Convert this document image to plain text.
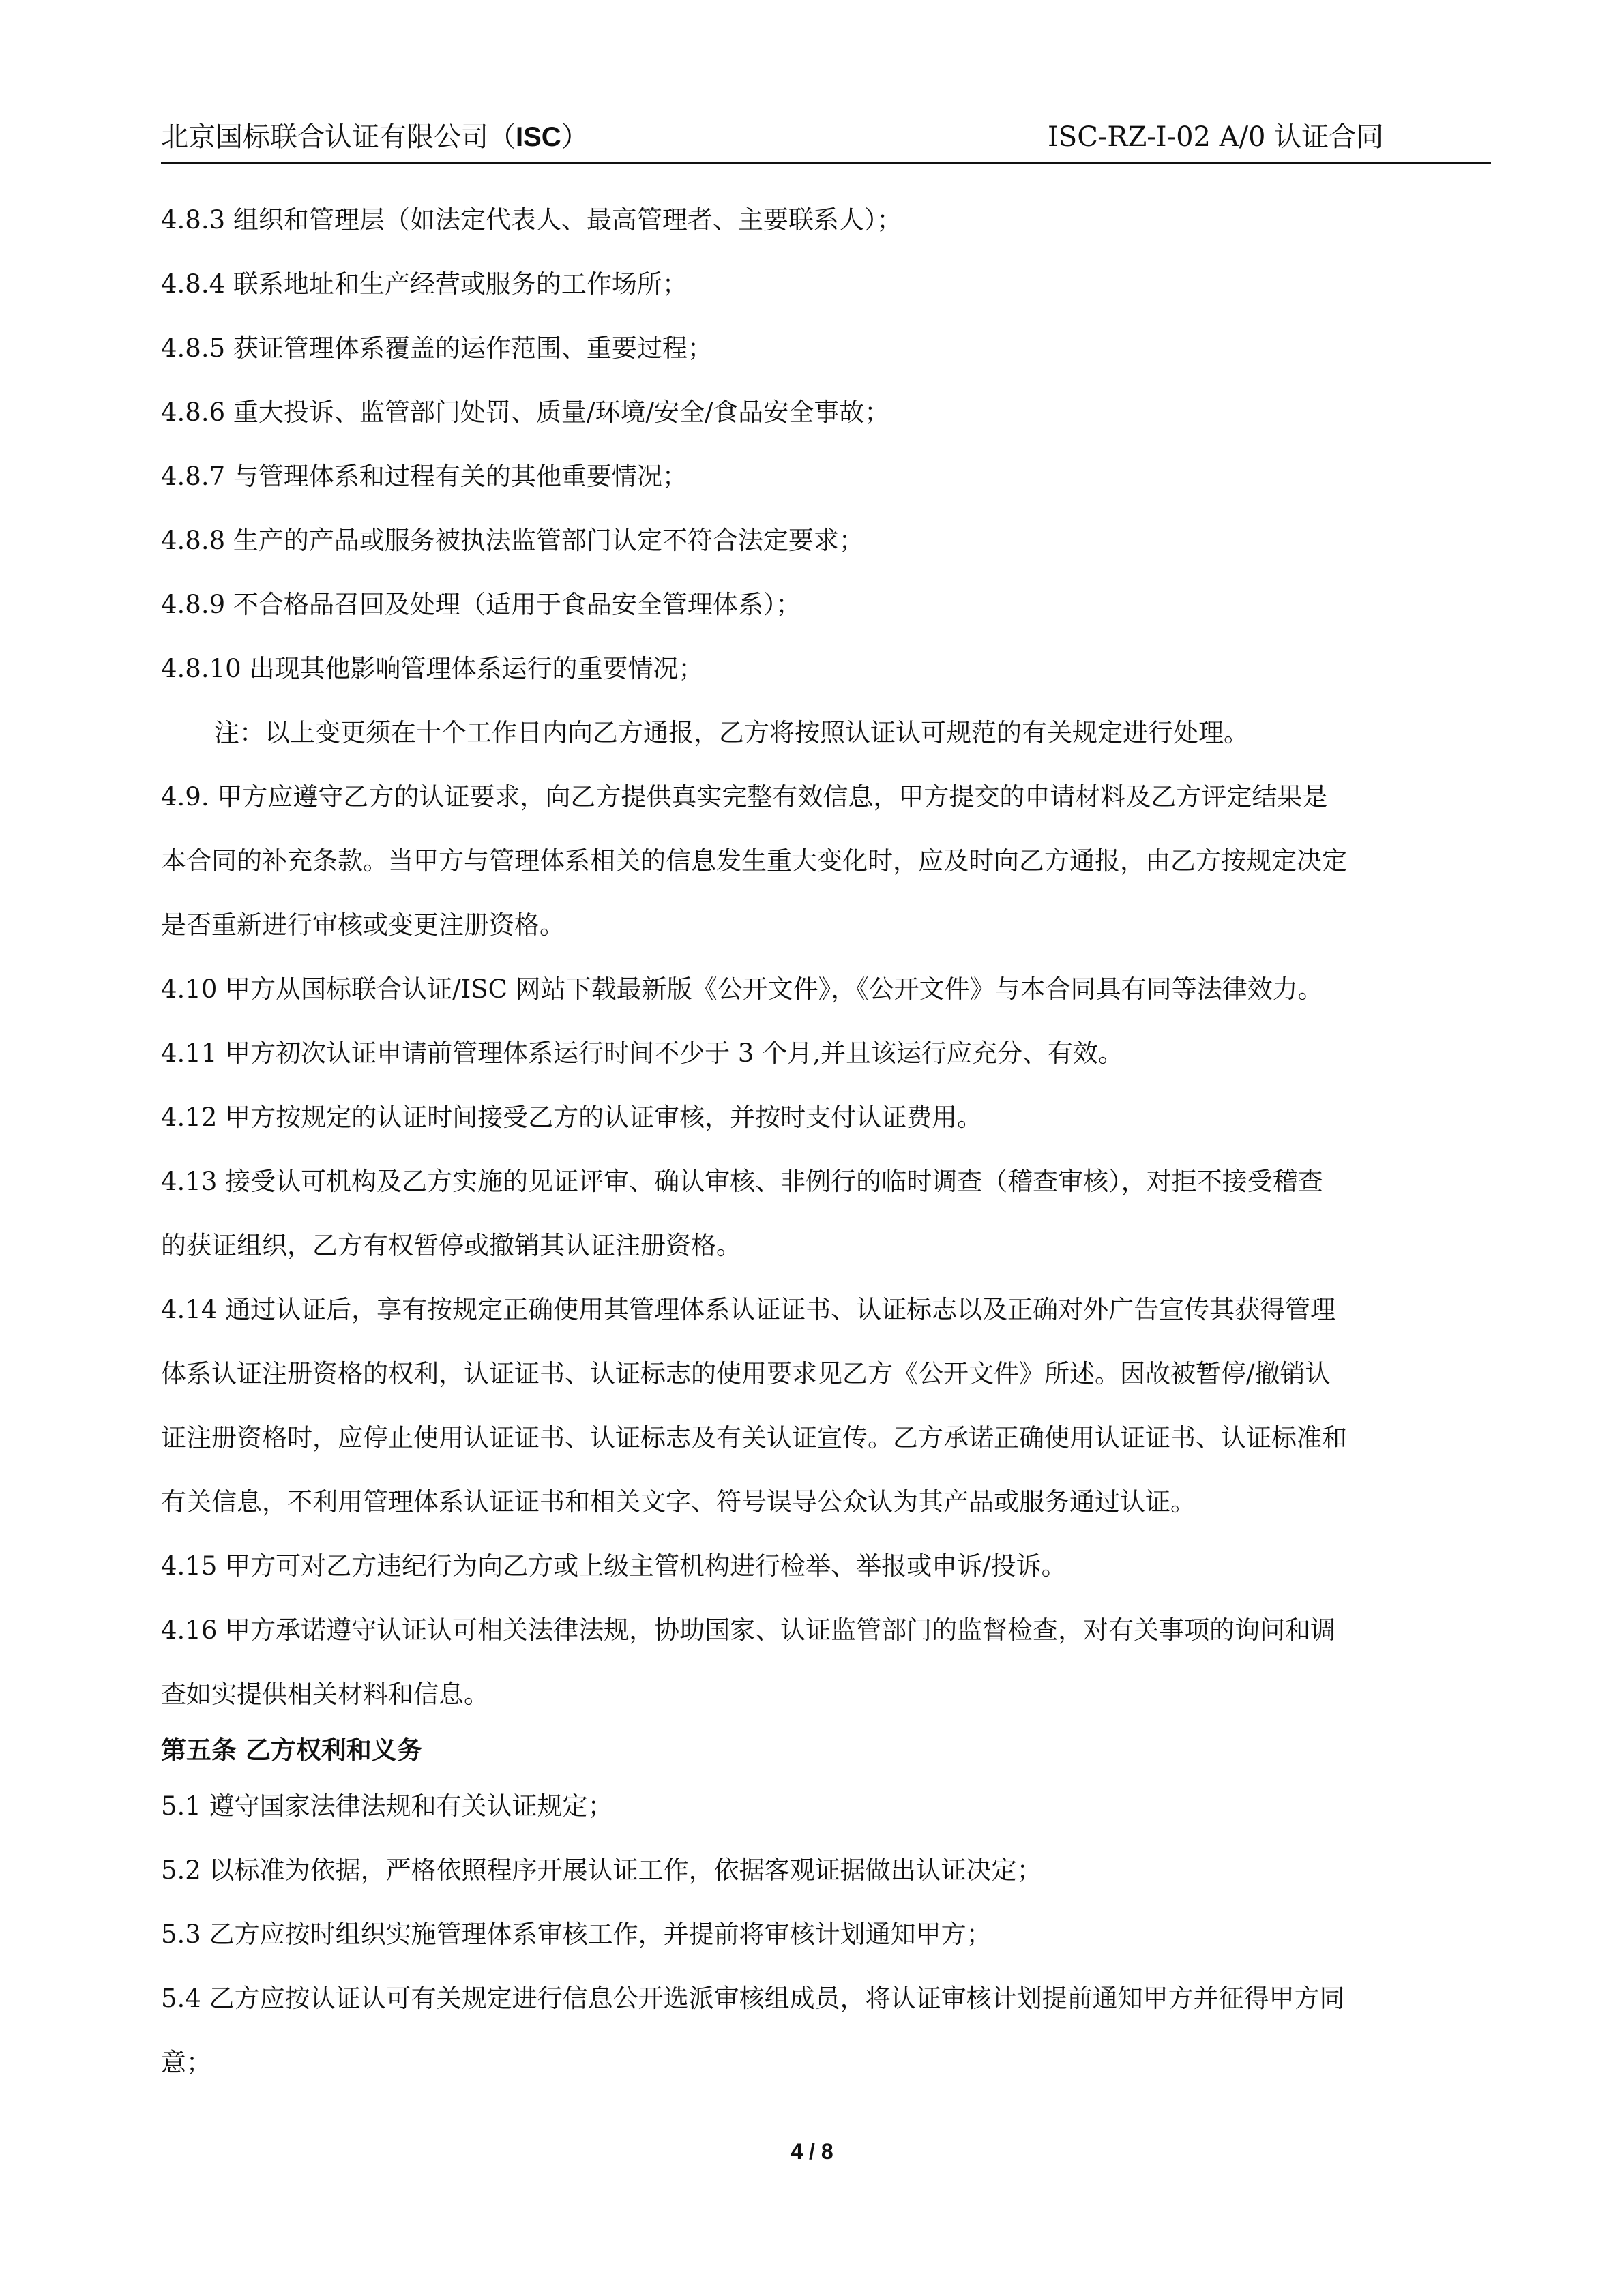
北京国标联合认证有限公司（ISC）	ISC-RZ-I-02 A/0 认证合同

4.8.3 组织和管理层（如法定代表人、最高管理者、主要联系人）；

4.8.4 联系地址和生产经营或服务的工作场所；

4.8.5 获证管理体系覆盖的运作范围、重要过程；

4.8.6 重大投诉、监管部门处罚、质量/环境/安全/食品安全事故；

4.8.7 与管理体系和过程有关的其他重要情况；

4.8.8 生产的产品或服务被执法监管部门认定不符合法定要求；

4.8.9 不合格品召回及处理（适用于食品安全管理体系）；

4.8.10 出现其他影响管理体系运行的重要情况；

注：以上变更须在十个工作日内向乙方通报，乙方将按照认证认可规范的有关规定进行处理。

4.9. 甲方应遵守乙方的认证要求，向乙方提供真实完整有效信息，甲方提交的申请材料及乙方评定结果是

本合同的补充条款。当甲方与管理体系相关的信息发生重大变化时，应及时向乙方通报，由乙方按规定决定

是否重新进行审核或变更注册资格。

4.10 甲方从国标联合认证/ISC 网站下载最新版《公开文件》，《公开文件》与本合同具有同等法律效力。

4.11 甲方初次认证申请前管理体系运行时间不少于 3 个月,并且该运行应充分、有效。

4.12 甲方按规定的认证时间接受乙方的认证审核，并按时支付认证费用。

4.13 接受认可机构及乙方实施的见证评审、确认审核、非例行的临时调查（稽查审核），对拒不接受稽查

的获证组织，乙方有权暂停或撤销其认证注册资格。

4.14 通过认证后，享有按规定正确使用其管理体系认证证书、认证标志以及正确对外广告宣传其获得管理

体系认证注册资格的权利，认证证书、认证标志的使用要求见乙方《公开文件》所述。因故被暂停/撤销认

证注册资格时，应停止使用认证证书、认证标志及有关认证宣传。乙方承诺正确使用认证证书、认证标准和

有关信息，不利用管理体系认证证书和相关文字、符号误导公众认为其产品或服务通过认证。

4.15 甲方可对乙方违纪行为向乙方或上级主管机构进行检举、举报或申诉/投诉。

4.16 甲方承诺遵守认证认可相关法律法规，协助国家、认证监管部门的监督检查，对有关事项的询问和调

查如实提供相关材料和信息。

第五条 乙方权利和义务

5.1 遵守国家法律法规和有关认证规定；

5.2 以标准为依据，严格依照程序开展认证工作，依据客观证据做出认证决定；

5.3 乙方应按时组织实施管理体系审核工作，并提前将审核计划通知甲方；

5.4 乙方应按认证认可有关规定进行信息公开选派审核组成员，将认证审核计划提前通知甲方并征得甲方同

意；

4 / 8
